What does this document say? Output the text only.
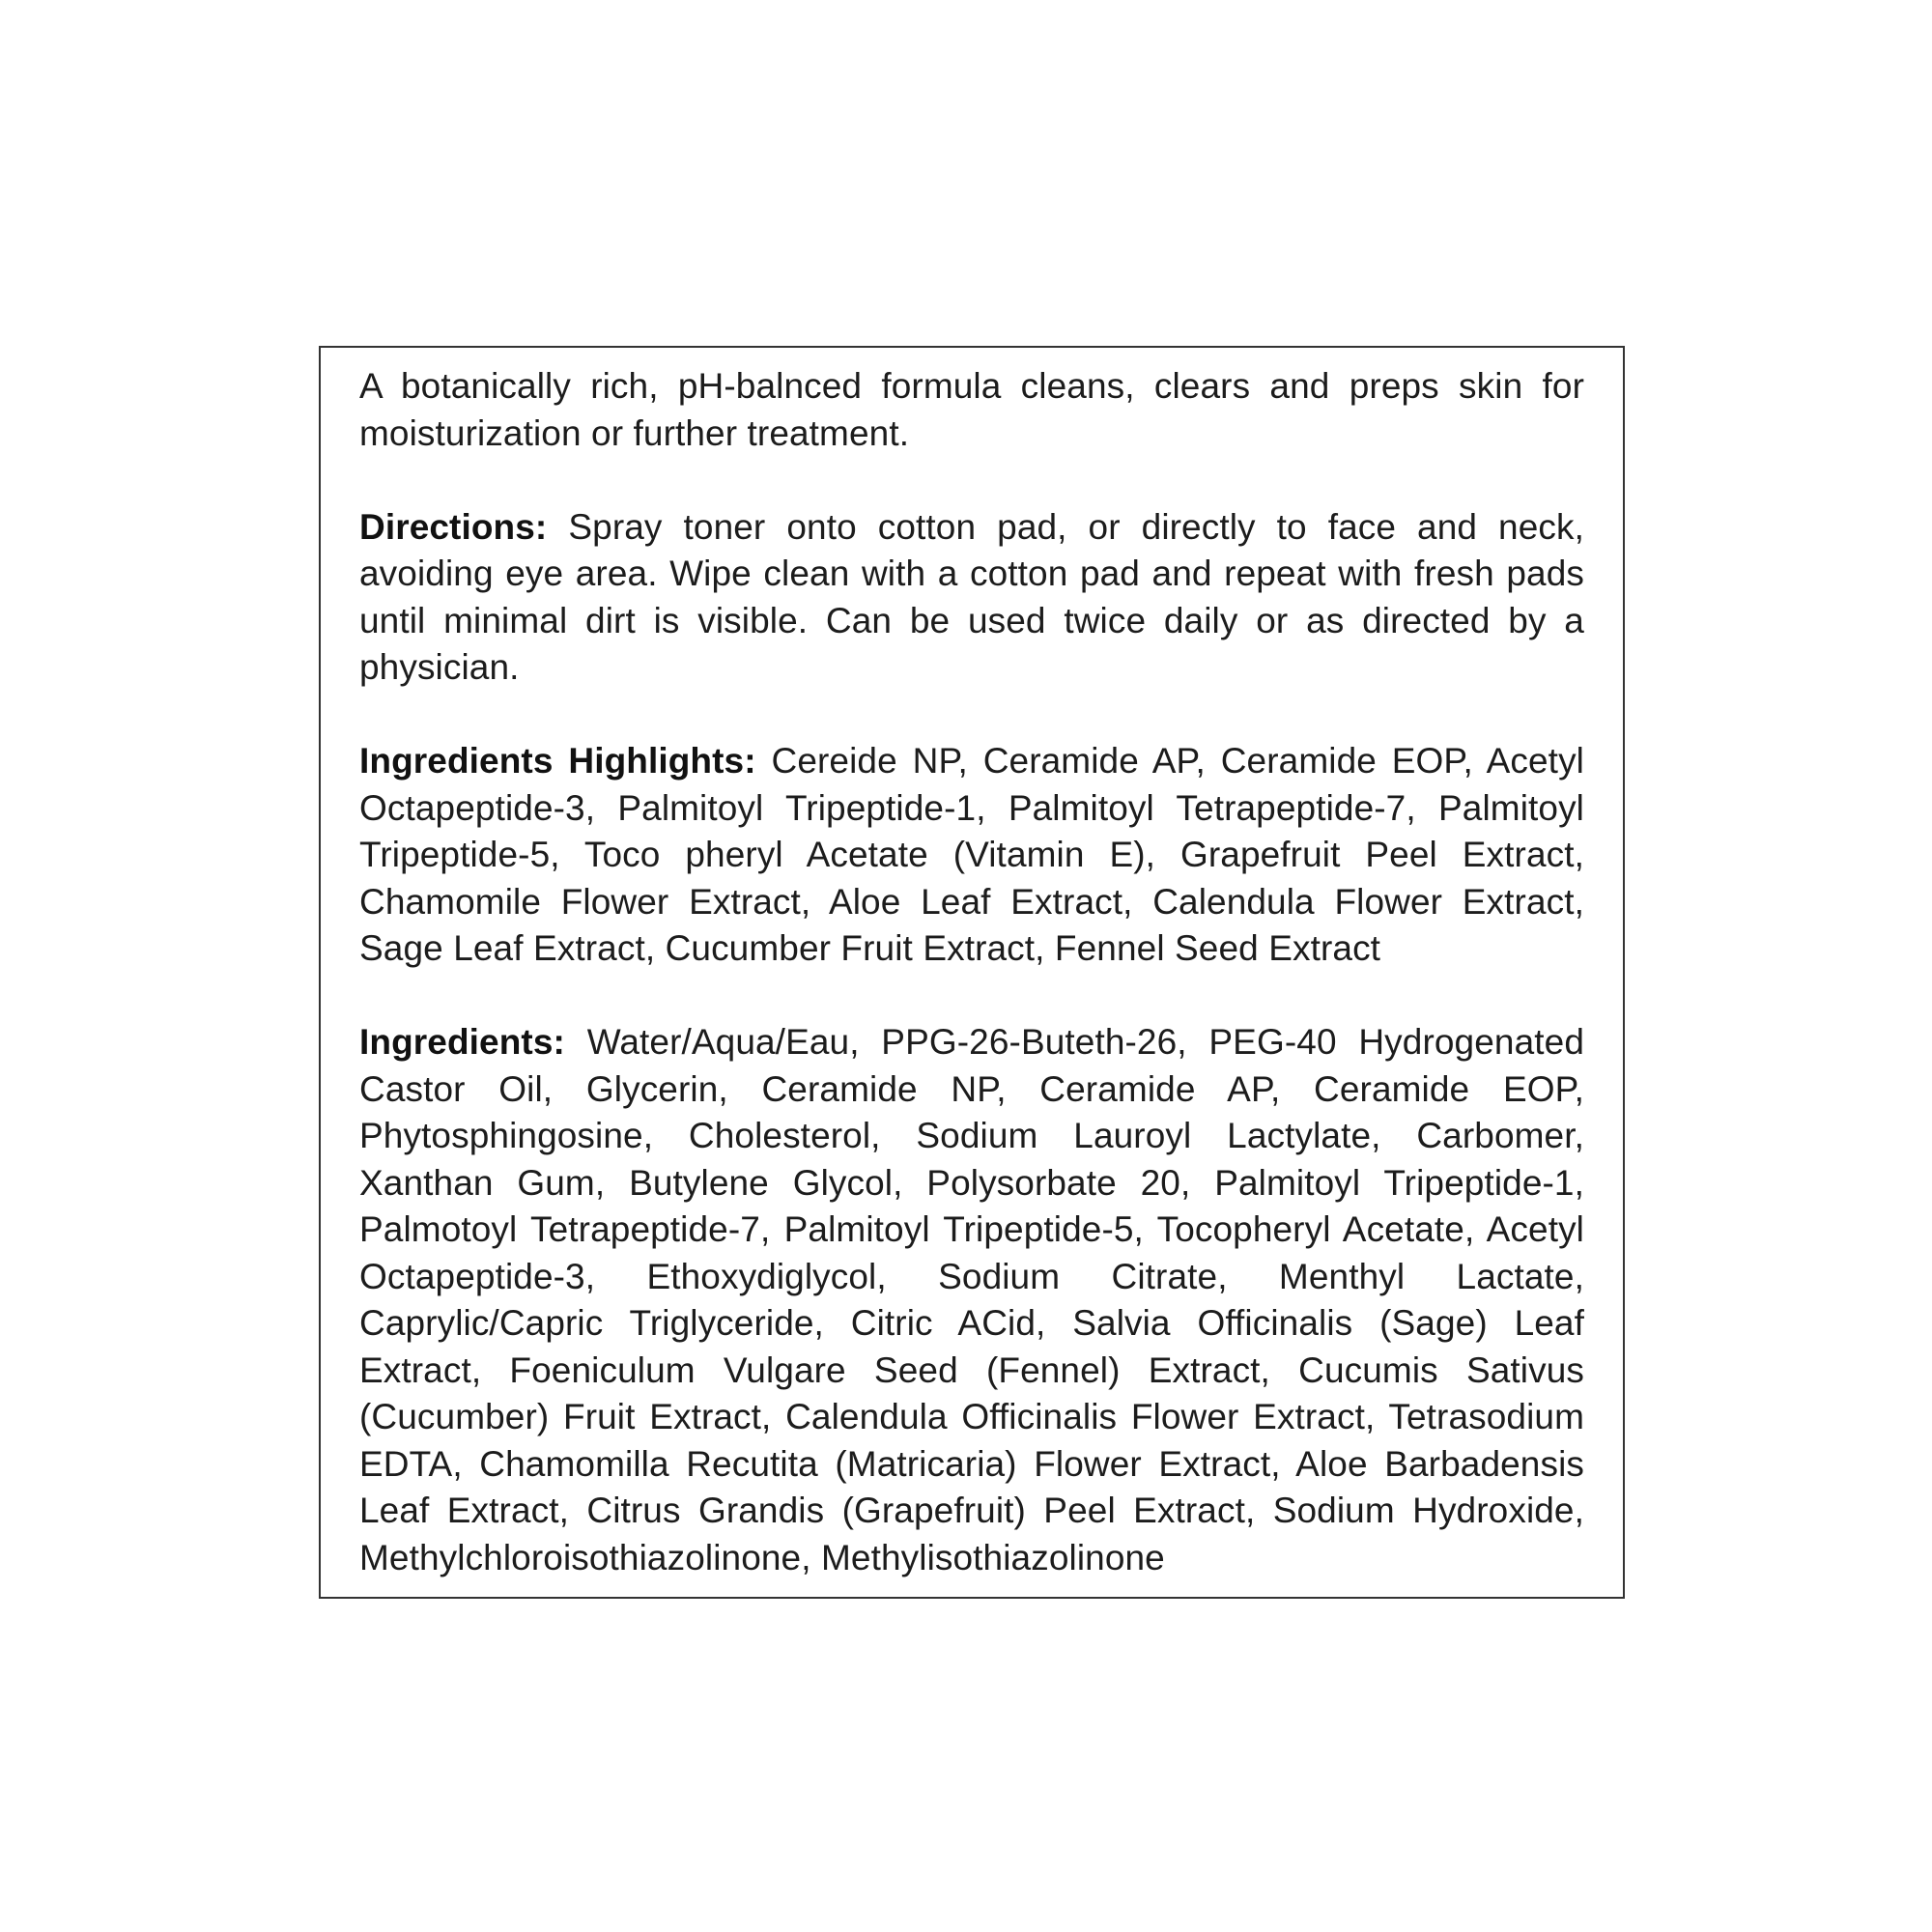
A botanically rich, pH-balnced formula cleans, clears and preps skin for moisturization or further treatment.

Directions: Spray toner onto cotton pad, or directly to face and neck, avoiding eye area. Wipe clean with a cotton pad and repeat with fresh pads until minimal dirt is visible. Can be used twice daily or as directed by a physician.

Ingredients Highlights: Cereide NP, Ceramide AP, Ceramide EOP, Acetyl Octapeptide-3, Palmitoyl Tripeptide-1, Palmitoyl Tetrapeptide-7, Palmitoyl Tripeptide-5, Toco pheryl Acetate (Vitamin E), Grapefruit Peel Extract, Chamomile Flower Extract, Aloe Leaf Extract, Calendula Flower Extract, Sage Leaf Extract, Cucumber Fruit Extract, Fennel Seed Extract

Ingredients: Water/Aqua/Eau, PPG-26-Buteth-26, PEG-40 Hydrogenated Castor Oil, Glycerin, Ceramide NP, Ceramide AP, Ceramide EOP, Phytosphingosine, Cholesterol, Sodium Lauroyl Lactylate, Carbomer, Xanthan Gum, Butylene Glycol, Polysorbate 20, Palmitoyl Tripeptide-1, Palmotoyl Tetrapeptide-7, Palmitoyl Tripeptide-5, Tocopheryl Acetate, Acetyl Octapeptide-3, Ethoxydiglycol, Sodium Citrate, Menthyl Lactate, Caprylic/Capric Triglyceride, Citric ACid, Salvia Officinalis (Sage) Leaf Extract, Foeniculum Vulgare Seed (Fennel) Extract, Cucumis Sativus (Cucumber) Fruit Extract, Calendula Officinalis Flower Extract, Tetrasodium EDTA, Chamomilla Recutita (Matricaria) Flower Extract, Aloe Barbadensis Leaf Extract, Citrus Grandis (Grapefruit) Peel Extract, Sodium Hydroxide, Methylchloroisothiazolinone, Methylisothiazolinone
